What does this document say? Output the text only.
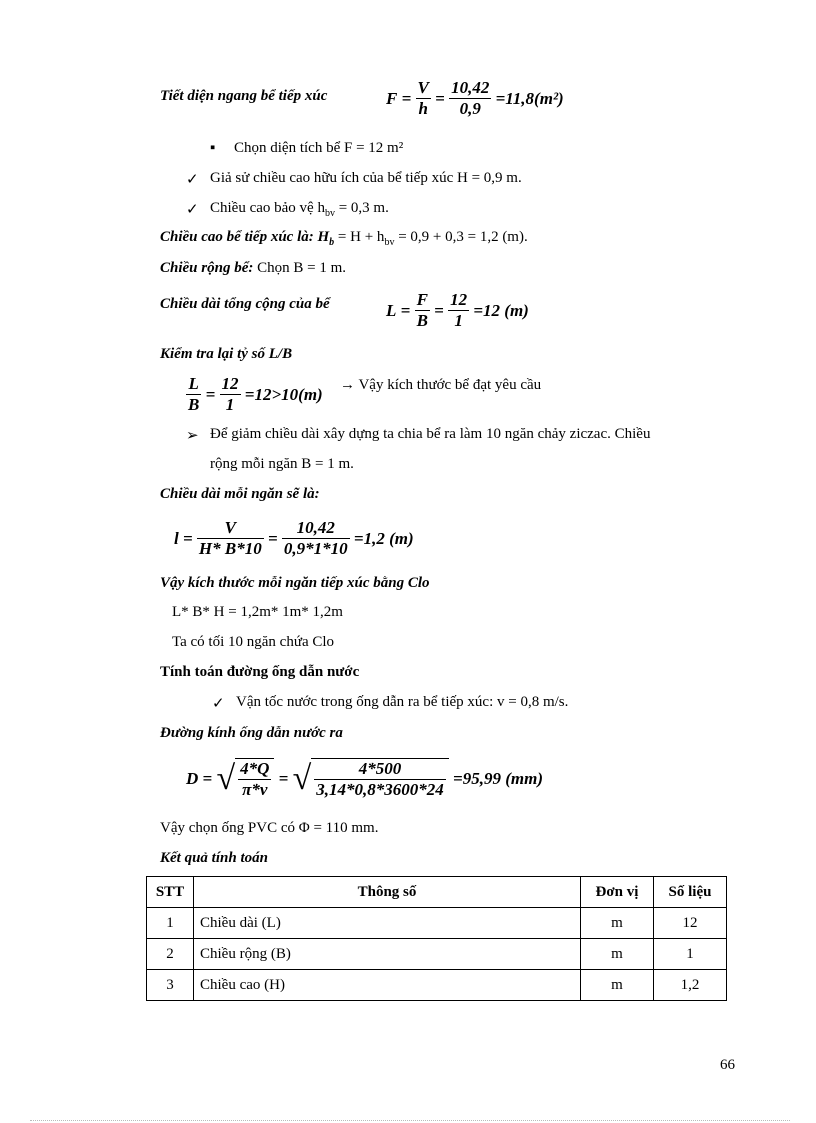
Tiết diện ngang bể tiếp xúc	$F = \frac{V}{h} = \frac{10,42}{0,9} = 11,8(m^2)$
▪ Chọn diện tích bể F = 12 m²
✓ Giả sử chiều cao hữu ích của bể tiếp xúc H = 0,9 m.
✓ Chiều cao bảo vệ $h_{bv} = 0,3$ m.
Chiều cao bể tiếp xúc là: $H_b = H + h_{bv} = 0,9 + 0,3 = 1,2$ (m).
Chiều rộng bể: Chọn B = 1 m.
Chiều dài tổng cộng của bể	$L = \frac{F}{B} = \frac{12}{1} = 12$ (m)
Kiểm tra lại tỷ số L/B
$\frac{L}{B} = \frac{12}{1} = 12>10(m)$ → Vậy kích thước bể đạt yêu cầu
➢ Để giảm chiều dài xây dựng ta chia bể ra làm 10 ngăn chảy ziczac. Chiều
rộng mỗi ngăn B = 1 m.
Chiều dài mỗi ngăn sẽ là:
$l = \frac{V}{H* B*10} = \frac{10,42}{0,9*1*10} = 1,2$ (m)
Vậy kích thước mỗi ngăn tiếp xúc bằng Clo
L* B* H = 1,2m* 1m* 1,2m
Ta có tối 10 ngăn chứa Clo
Tính toán đường ống dẫn nước
✓ Vận tốc nước trong ống dẫn ra bể tiếp xúc: v = 0,8 m/s.
Đường kính ống dẫn nước ra
D = √ $\frac{4*Q}{\pi*v}$ = √ $\frac{4*500}{3,14*0,8*3600*24} = 95,99$ (mm)
Vậy chọn ống PVC có Φ = 110 mm.
Kết quả tính toán
STT	Thông số	Đơn vị	Số liệu
1	Chiều dài (L)	m	12
2	Chiều rộng (B)	m	1
3	Chiều cao (H)	m	1,2
66
